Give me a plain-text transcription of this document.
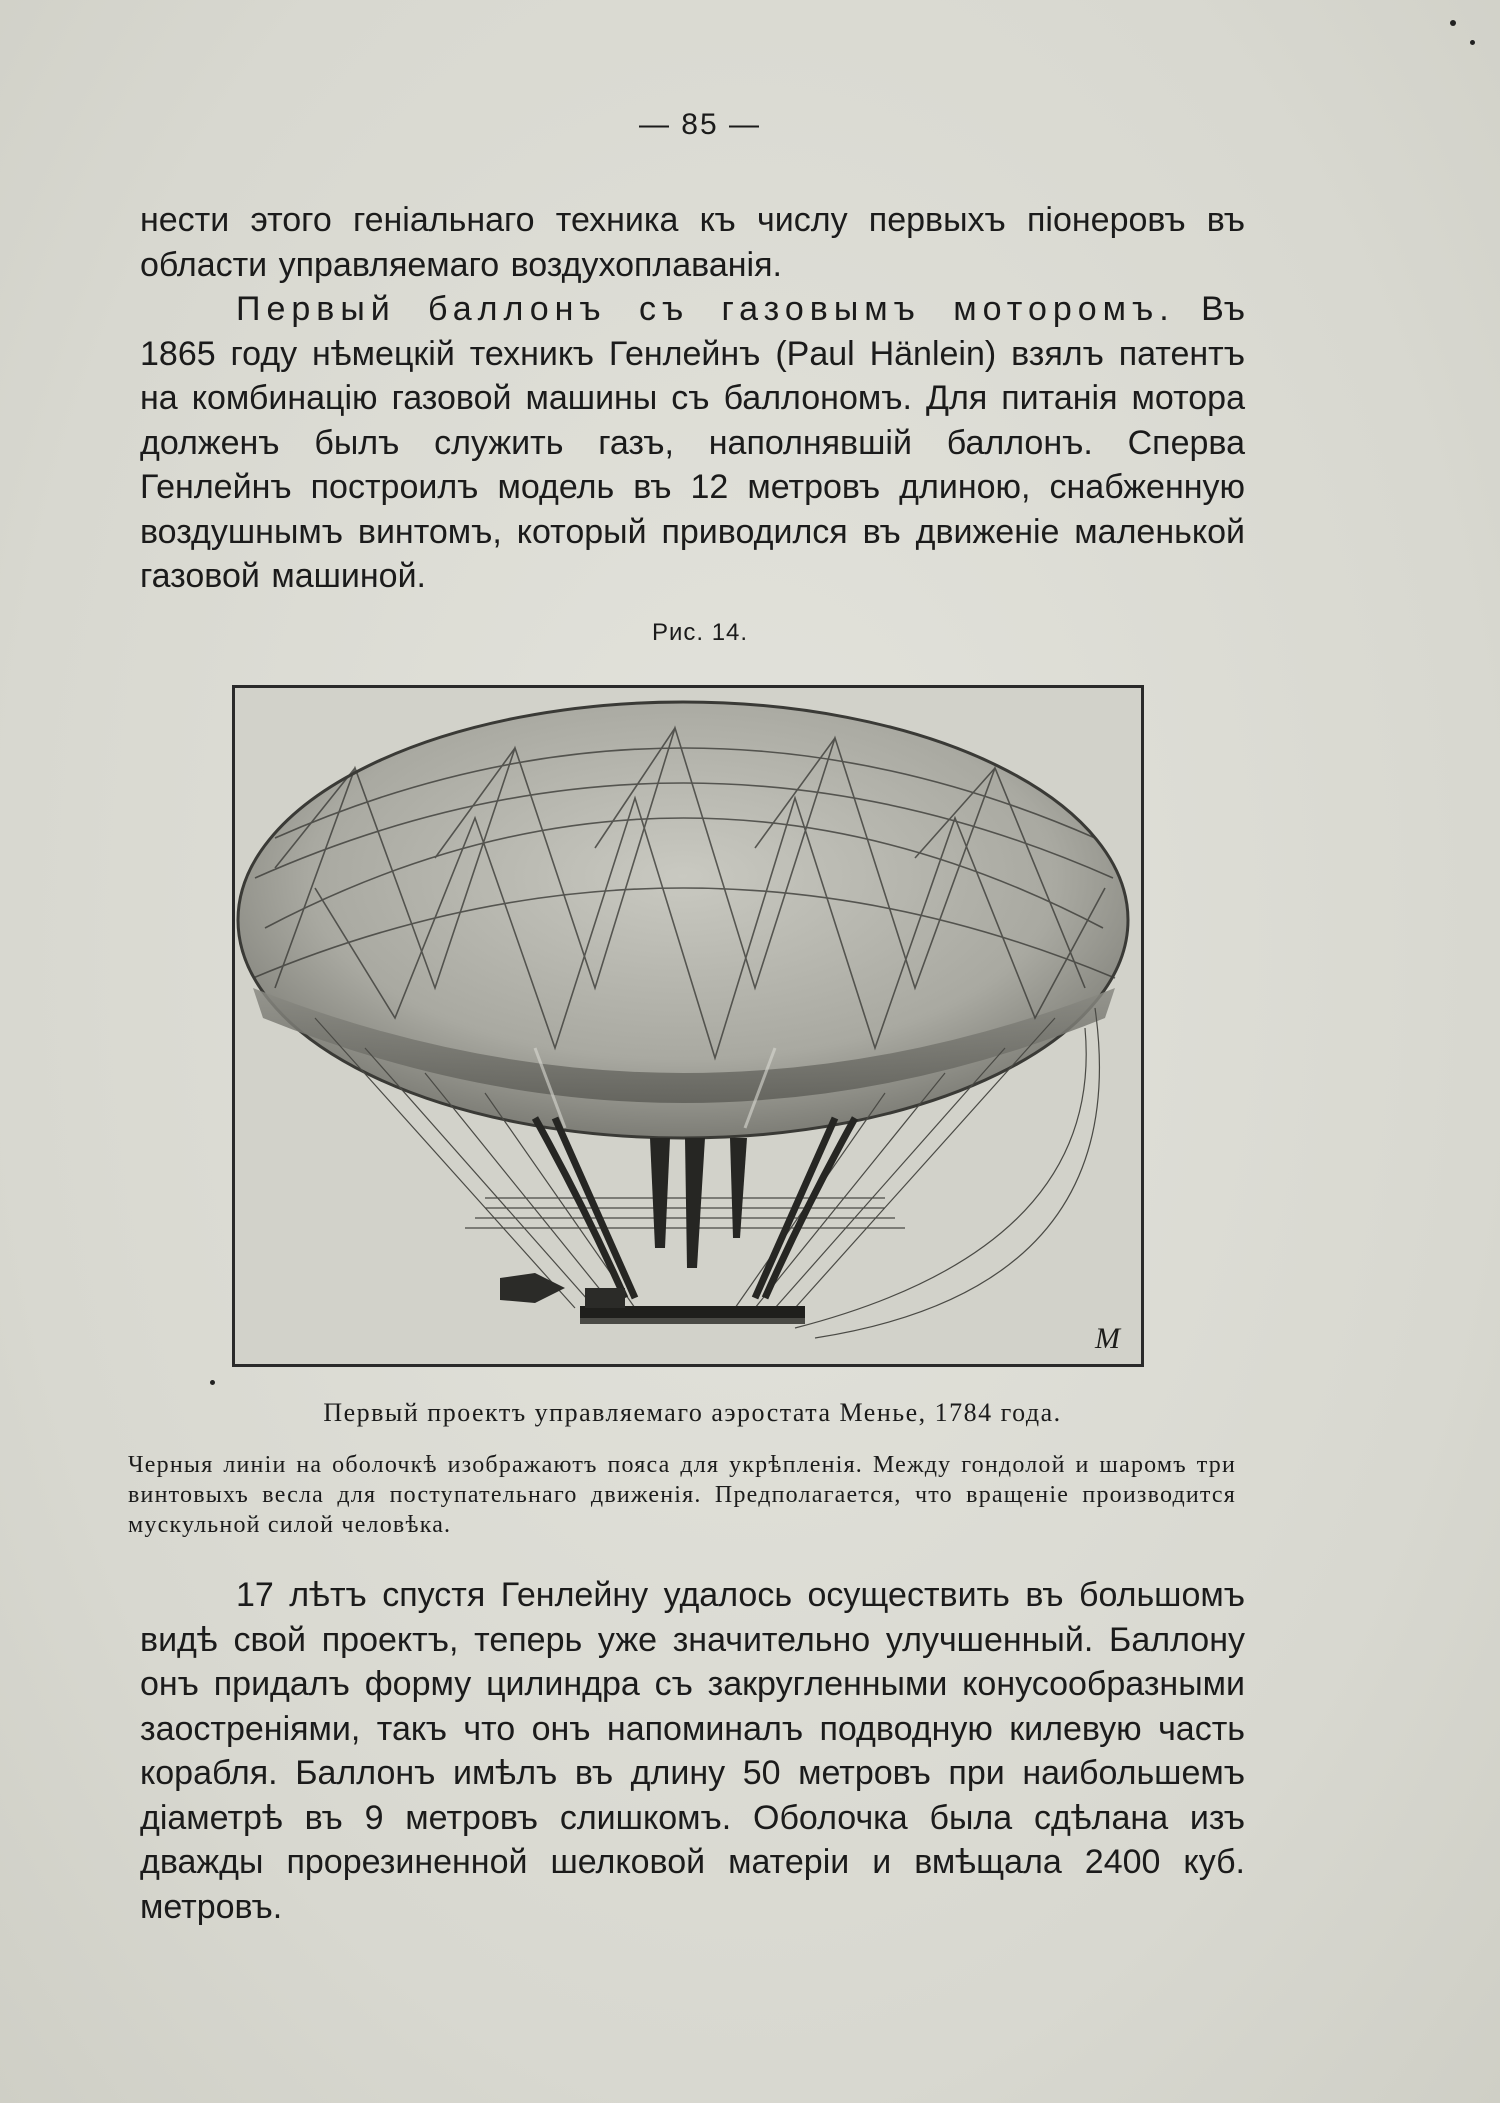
— 85 —
нести этого геніальнаго техника къ числу первыхъ піонеровъ въ области управляемаго воздухоплаванія.
Первый баллонъ съ газовымъ моторомъ. Въ 1865 году нѣмецкій техникъ Генлейнъ (Paul Hänlein) взялъ патентъ на комбинацію газовой машины съ баллономъ. Для питанія мотора долженъ былъ служить газъ, наполнявшій баллонъ. Сперва Генлейнъ построилъ модель въ 12 метровъ длиною, снабженную воздушнымъ винтомъ, который приводился въ движеніе маленькой газовой машиной.
Рис. 14.
M
Первый проектъ управляемаго аэростата Менье, 1784 года.
Черныя линіи на оболочкѣ изображаютъ пояса для укрѣпленія. Между гондолой и шаромъ три винтовыхъ весла для поступательнаго движенія. Предполагается, что вращеніе производится мускульной силой человѣка.
17 лѣтъ спустя Генлейну удалось осуществить въ большомъ видѣ свой проектъ, теперь уже значительно улучшенный. Баллону онъ придалъ форму цилиндра съ закругленными конусообразными заостреніями, такъ что онъ напоминалъ подводную килевую часть корабля. Баллонъ имѣлъ въ длину 50 метровъ при наибольшемъ діаметрѣ въ 9 метровъ слишкомъ. Оболочка была сдѣлана изъ дважды прорезиненной шелковой матеріи и вмѣщала 2400 куб. метровъ.
